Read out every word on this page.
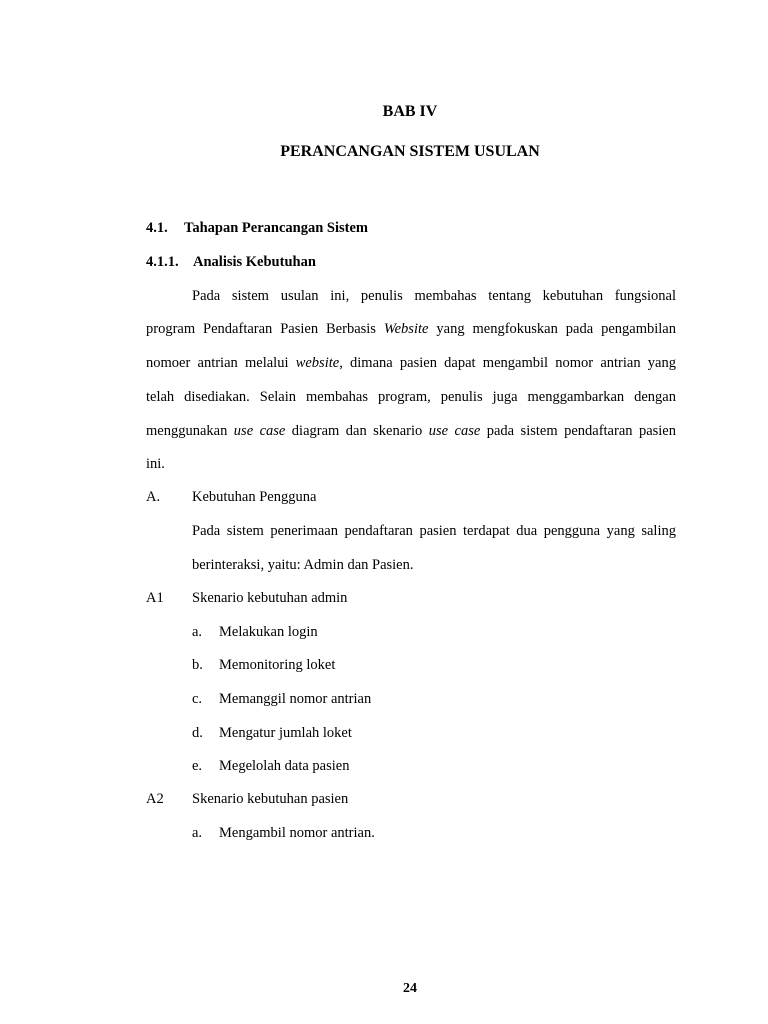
BAB IV
PERANCANGAN SISTEM USULAN
4.1. Tahapan Perancangan Sistem
4.1.1. Analisis Kebutuhan
Pada sistem usulan ini, penulis membahas tentang kebutuhan fungsional
program Pendaftaran Pasien Berbasis Website yang mengfokuskan pada pengambilan
nomoer antrian melalui website, dimana pasien dapat mengambil nomor antrian yang
telah disediakan. Selain membahas program, penulis juga menggambarkan dengan
menggunakan use case diagram dan skenario use case pada sistem pendaftaran pasien
ini.
A. Kebutuhan Pengguna
Pada sistem penerimaan pendaftaran pasien terdapat dua pengguna yang saling
berinteraksi, yaitu: Admin dan Pasien.
A1 Skenario kebutuhan admin
a. Melakukan login
b. Memonitoring loket
c. Memanggil nomor antrian
d. Mengatur jumlah loket
e. Megelolah data pasien
A2 Skenario kebutuhan pasien
a. Mengambil nomor antrian.
24
